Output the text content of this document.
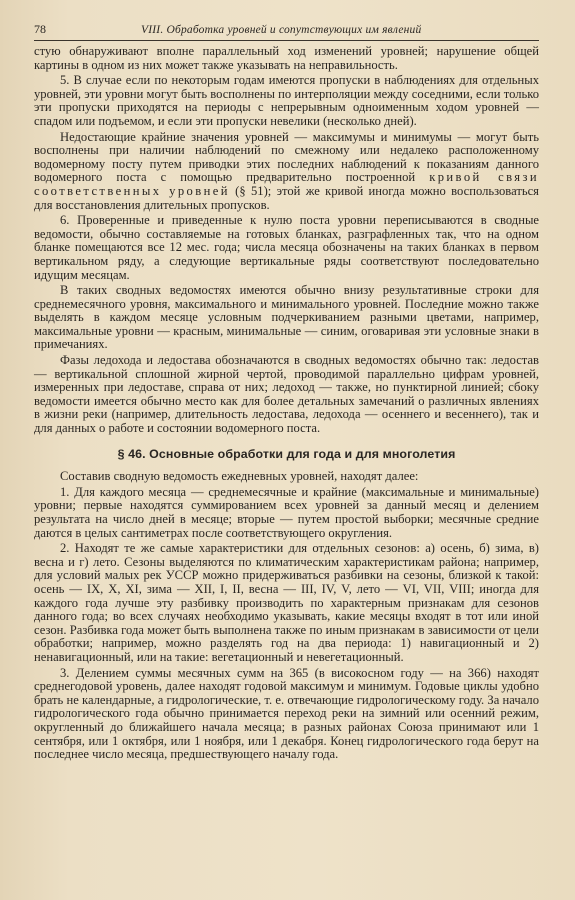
78	VIII. Обработка уровней и сопутствующих им явлений

стую обнаруживают вполне параллельный ход изменений уровней; нарушение общей картины в одном из них может также указывать на неправильность.

5. В случае если по некоторым годам имеются пропуски в наблюдениях для отдельных уровней, эти уровни могут быть восполнены по интерполяции между соседними, если только эти пропуски приходятся на периоды с непрерывным одноименным ходом уровней — спадом или подъемом, и если эти пропуски невелики (несколько дней).

Недостающие крайние значения уровней — максимумы и минимумы — могут быть восполнены при наличии наблюдений по смежному или недалеко расположенному водомерному посту путем приводки этих последних наблюдений к показаниям данного водомерного поста с помощью предварительно построенной кривой связи соответственных уровней (§ 51); этой же кривой иногда можно воспользоваться для восстановления длительных пропусков.

6. Проверенные и приведенные к нулю поста уровни переписываются в сводные ведомости, обычно составляемые на готовых бланках, разграфленных так, что на одном бланке помещаются все 12 мес. года; числа месяца обозначены на таких бланках в первом вертикальном ряду, а следующие вертикальные ряды соответствуют последовательно идущим месяцам.

В таких сводных ведомостях имеются обычно внизу результативные строки для среднемесячного уровня, максимального и минимального уровней. Последние можно также выделять в каждом месяце условным подчеркиванием разными цветами, например, максимальные уровни — красным, минимальные — синим, оговаривая эти условные знаки в примечаниях.

Фазы ледохода и ледостава обозначаются в сводных ведомостях обычно так: ледостав — вертикальной сплошной жирной чертой, проводимой параллельно цифрам уровней, измеренных при ледоставе, справа от них; ледоход — также, но пунктирной линией; сбоку ведомости имеется обычно место как для более детальных замечаний о различных явлениях в жизни реки (например, длительность ледостава, ледохода — осеннего и весеннего), так и для данных о работе и состоянии водомерного поста.

§ 46. Основные обработки для года и для многолетия

Составив сводную ведомость ежедневных уровней, находят далее:

1. Для каждого месяца — среднемесячные и крайние (максимальные и минимальные) уровни; первые находятся суммированием всех уровней за данный месяц и делением результата на число дней в месяце; вторые — путем простой выборки; месячные средние даются в целых сантиметрах после соответствующего округления.

2. Находят те же самые характеристики для отдельных сезонов: а) осень, б) зима, в) весна и г) лето. Сезоны выделяются по климатическим характеристикам района; например, для условий малых рек УССР можно придерживаться разбивки на сезоны, близкой к такой: осень — IX, X, XI, зима — XII, I, II, весна — III, IV, V, лето — VI, VII, VIII; иногда для каждого года лучше эту разбивку производить по характерным признакам для сезонов данного года; во всех случаях необходимо указывать, какие месяцы входят в тот или иной сезон. Разбивка года может быть выполнена также по иным признакам в зависимости от цели обработки; например, можно разделять год на два периода: 1) навигационный и 2) ненавигационный, или на такие: вегетационный и невегетационный.

3. Делением суммы месячных сумм на 365 (в високосном году — на 366) находят среднегодовой уровень, далее находят годовой максимум и минимум. Годовые циклы удобно брать не календарные, а гидрологические, т. е. отвечающие гидрологическому году. За начало гидрологического года обычно принимается переход реки на зимний или осенний режим, округленный до ближайшего начала месяца; в разных районах Союза принимают или 1 сентября, или 1 октября, или 1 ноября, или 1 декабря. Конец гидрологического года берут на последнее число месяца, предшествующего началу года.
